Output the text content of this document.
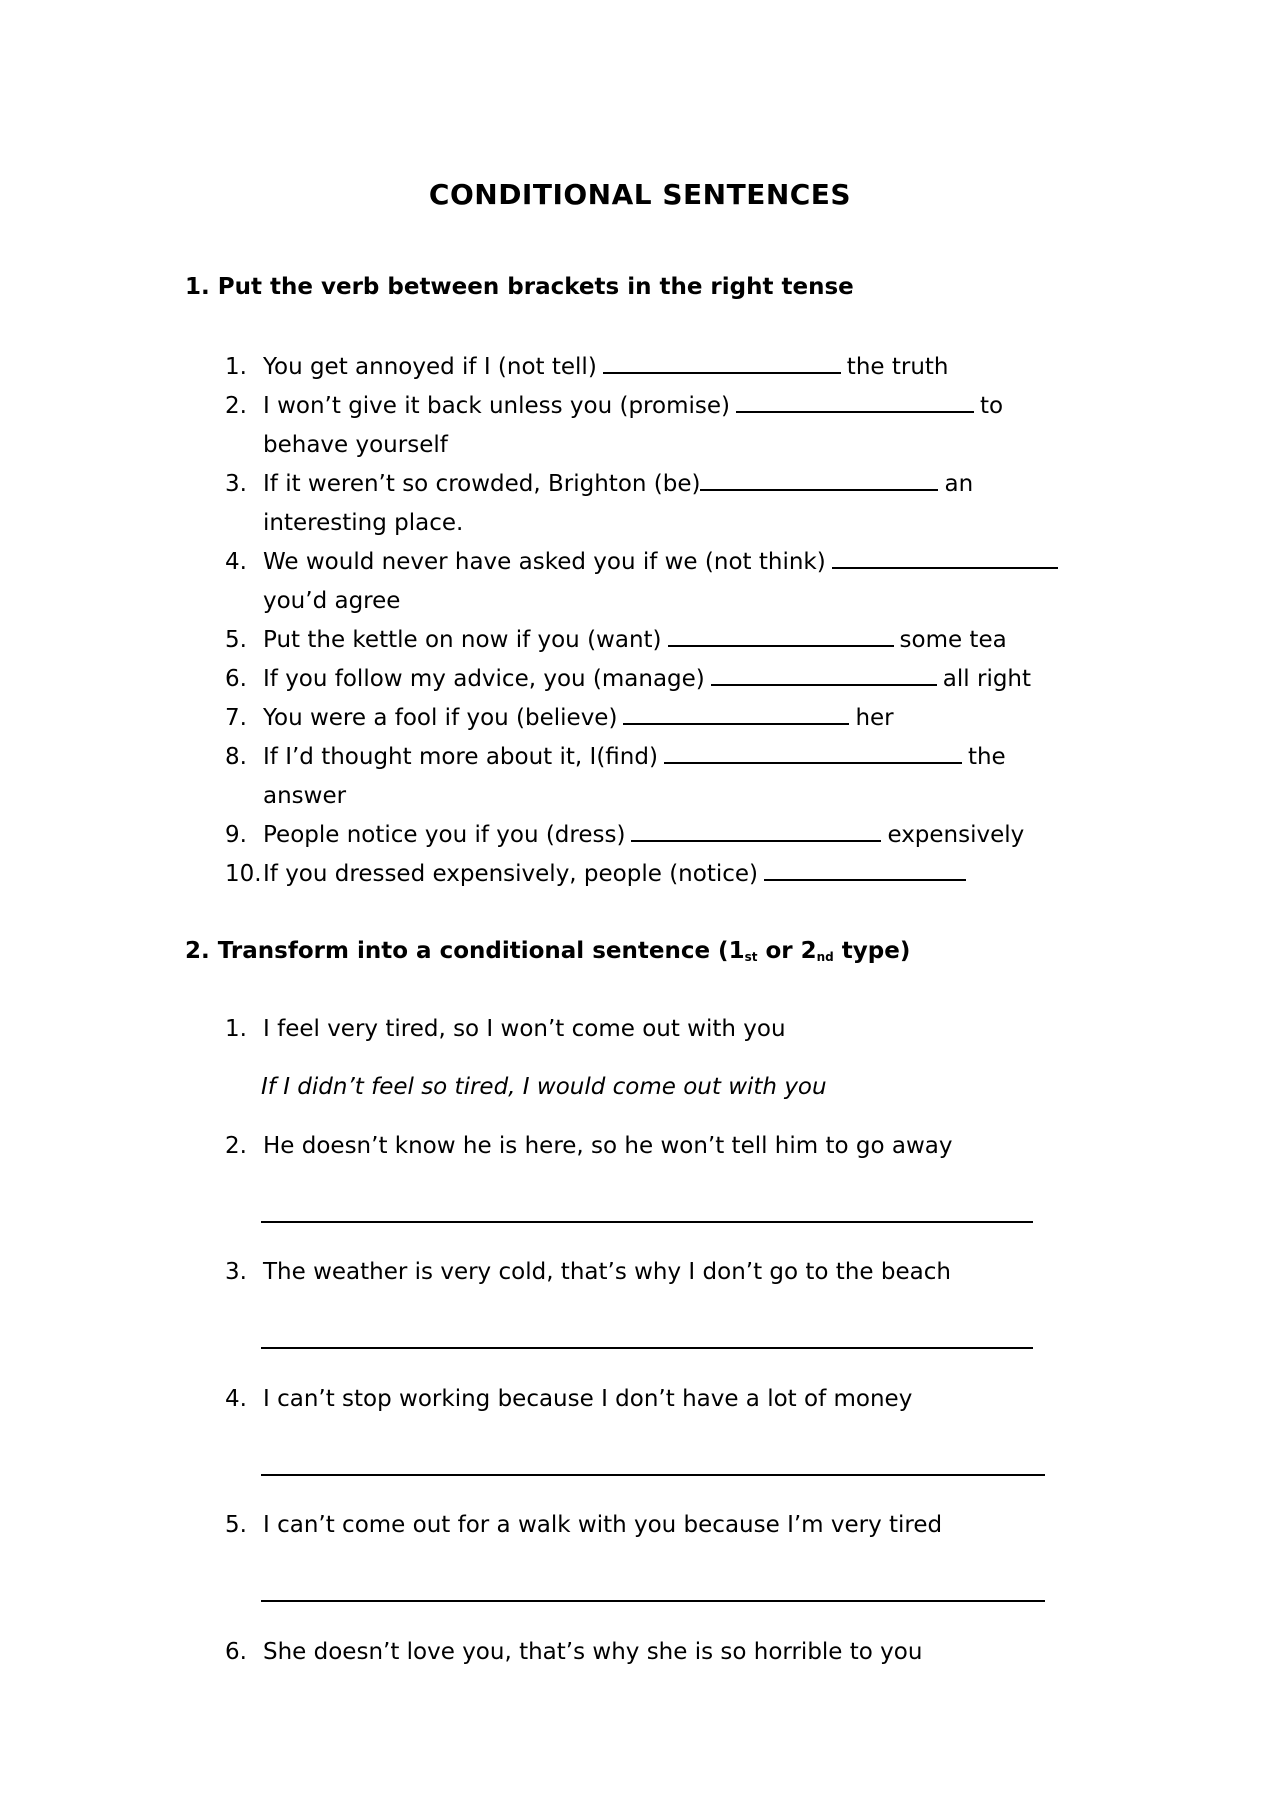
CONDITIONAL SENTENCES
1. Put the verb between brackets in the right tense
1. You get annoyed if I (not tell)	the truth
2. I won’t give it back unless you (promise)	to
behave yourself
3. If it weren’t so crowded, Brighton (be)	an
interesting place.
4. We would never have asked you if we (not think)
you’d agree
5. Put the kettle on now if you (want)	some tea
6. If you follow my advice, you (manage)	all right
7. You were a fool if you (believe)	her
8. If I’d thought more about it, I(find)	the
answer
9. People notice you if you (dress)	expensively
10. If you dressed expensively, people (notice)
2. Transform into a conditional sentence ($1_{st}$ or $2_{nd}$ type)
1. I feel very tired, so I won’t come out with you
If I didn’t feel so tired, I would come out with you
2. He doesn’t know he is here, so he won’t tell him to go away
3. The weather is very cold, that’s why I don’t go to the beach
4. I can’t stop working because I don’t have a lot of money
5. I can’t come out for a walk with you because I’m very tired
6. She doesn’t love you, that’s why she is so horrible to you
